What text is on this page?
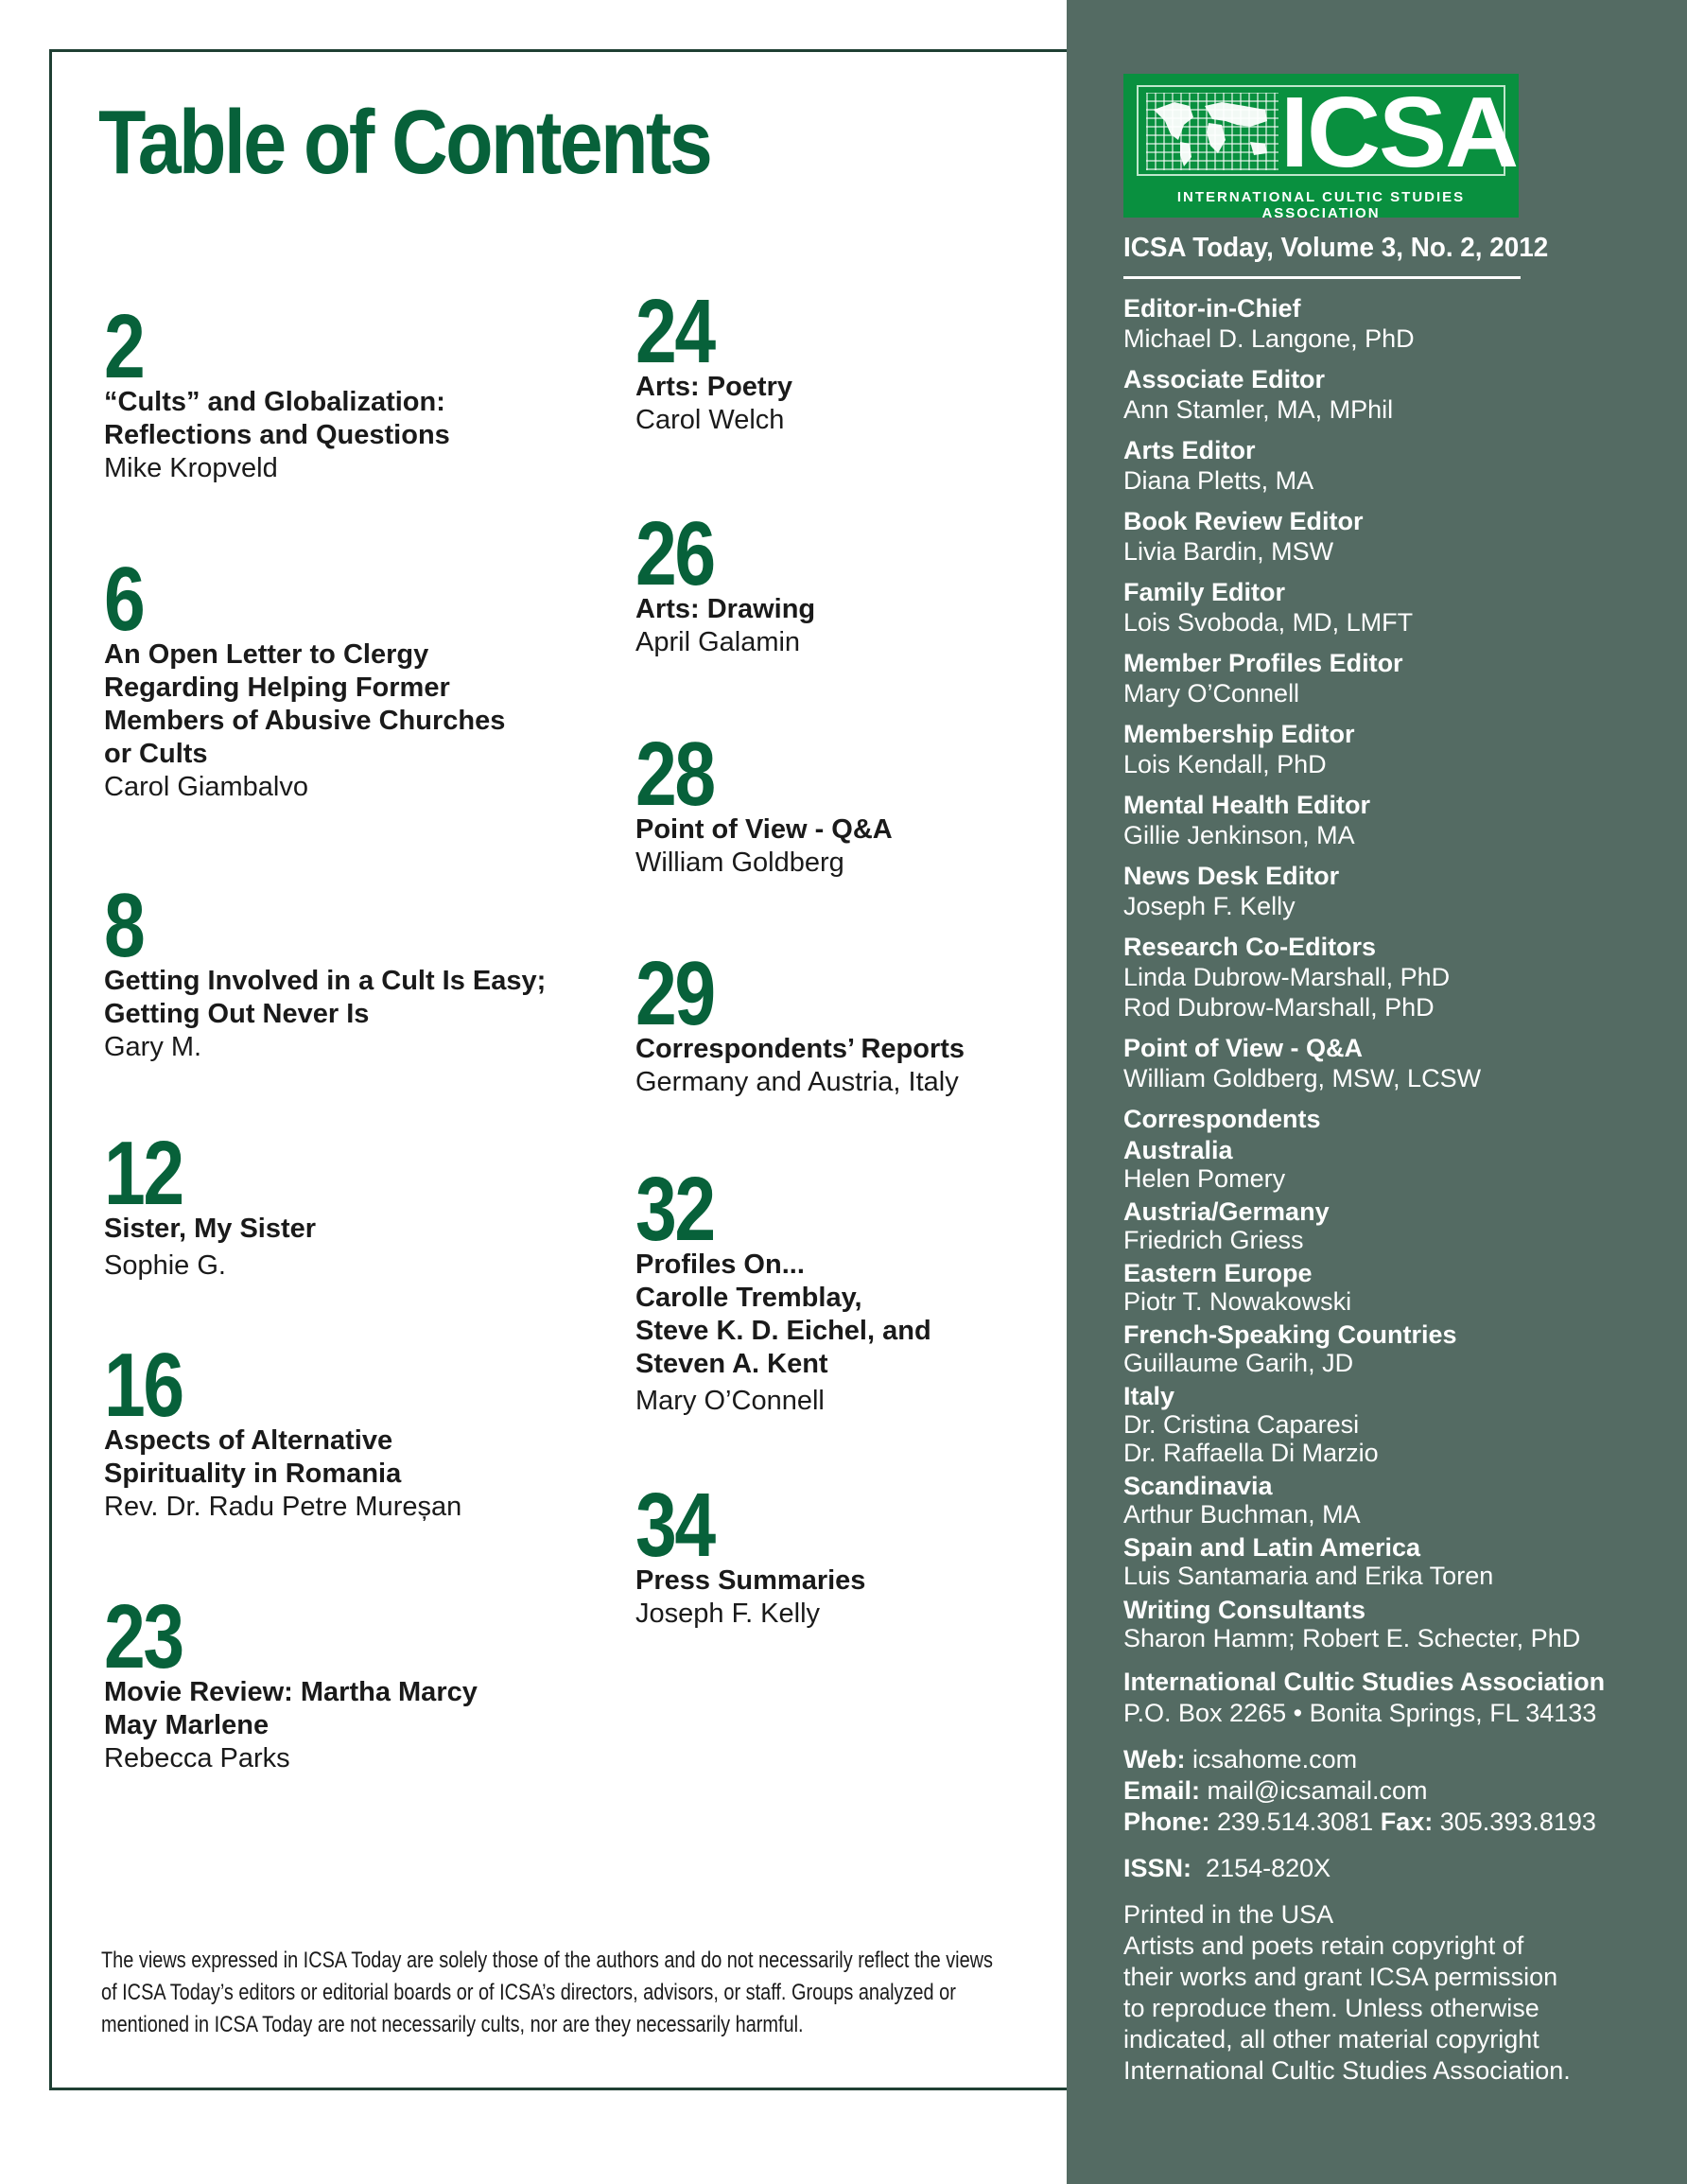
Table of Contents
2
“Cults” and Globalization:
Reflections and Questions
Mike Kropveld
6
An Open Letter to Clergy
Regarding Helping Former
Members of Abusive Churches
or Cults
Carol Giambalvo
8
Getting Involved in a Cult Is Easy;
Getting Out Never Is
Gary M.
12
Sister, My Sister
Sophie G.
16
Aspects of Alternative
Spirituality in Romania
Rev. Dr. Radu Petre Mureșan
23
Movie Review: Martha Marcy
May Marlene
Rebecca Parks
24
Arts: Poetry
Carol Welch
26
Arts: Drawing
April Galamin
28
Point of View - Q&A
William Goldberg
29
Correspondents’ Reports
Germany and Austria, Italy
32
Profiles On...
Carolle Tremblay,
Steve K. D. Eichel, and
Steven A. Kent
Mary O’Connell
34
Press Summaries
Joseph F. Kelly
The views expressed in ICSA Today are solely those of the authors and do not necessarily reflect the views
of ICSA Today’s editors or editorial boards or of ICSA’s directors, advisors, or staff. Groups analyzed or
mentioned in ICSA Today are not necessarily cults, nor are they necessarily harmful.
ICSA
INTERNATIONAL CULTIC STUDIES ASSOCIATION
ICSA Today, Volume 3, No. 2, 2012
Editor-in-Chief
Michael D. Langone, PhD
Associate Editor
Ann Stamler, MA, MPhil
Arts Editor
Diana Pletts, MA
Book Review Editor
Livia Bardin, MSW
Family Editor
Lois Svoboda, MD, LMFT
Member Profiles Editor
Mary O’Connell
Membership Editor
Lois Kendall, PhD
Mental Health Editor
Gillie Jenkinson, MA
News Desk Editor
Joseph F. Kelly
Research Co-Editors
Linda Dubrow-Marshall, PhD
Rod Dubrow-Marshall, PhD
Point of View - Q&A
William Goldberg, MSW, LCSW
Correspondents
Australia
Helen Pomery
Austria/Germany
Friedrich Griess
Eastern Europe
Piotr T. Nowakowski
French-Speaking Countries
Guillaume Garih, JD
Italy
Dr. Cristina Caparesi
Dr. Raffaella Di Marzio
Scandinavia
Arthur Buchman, MA
Spain and Latin America
Luis Santamaria and Erika Toren
Writing Consultants
Sharon Hamm; Robert E. Schecter, PhD
International Cultic Studies Association
P.O. Box 2265 • Bonita Springs, FL 34133
Web: icsahome.com
Email: mail@icsamail.com
Phone: 239.514.3081 Fax: 305.393.8193
ISSN: 2154-820X
Printed in the USA
Artists and poets retain copyright of
their works and grant ICSA permission
to reproduce them. Unless otherwise
indicated, all other material copyright
International Cultic Studies Association.
